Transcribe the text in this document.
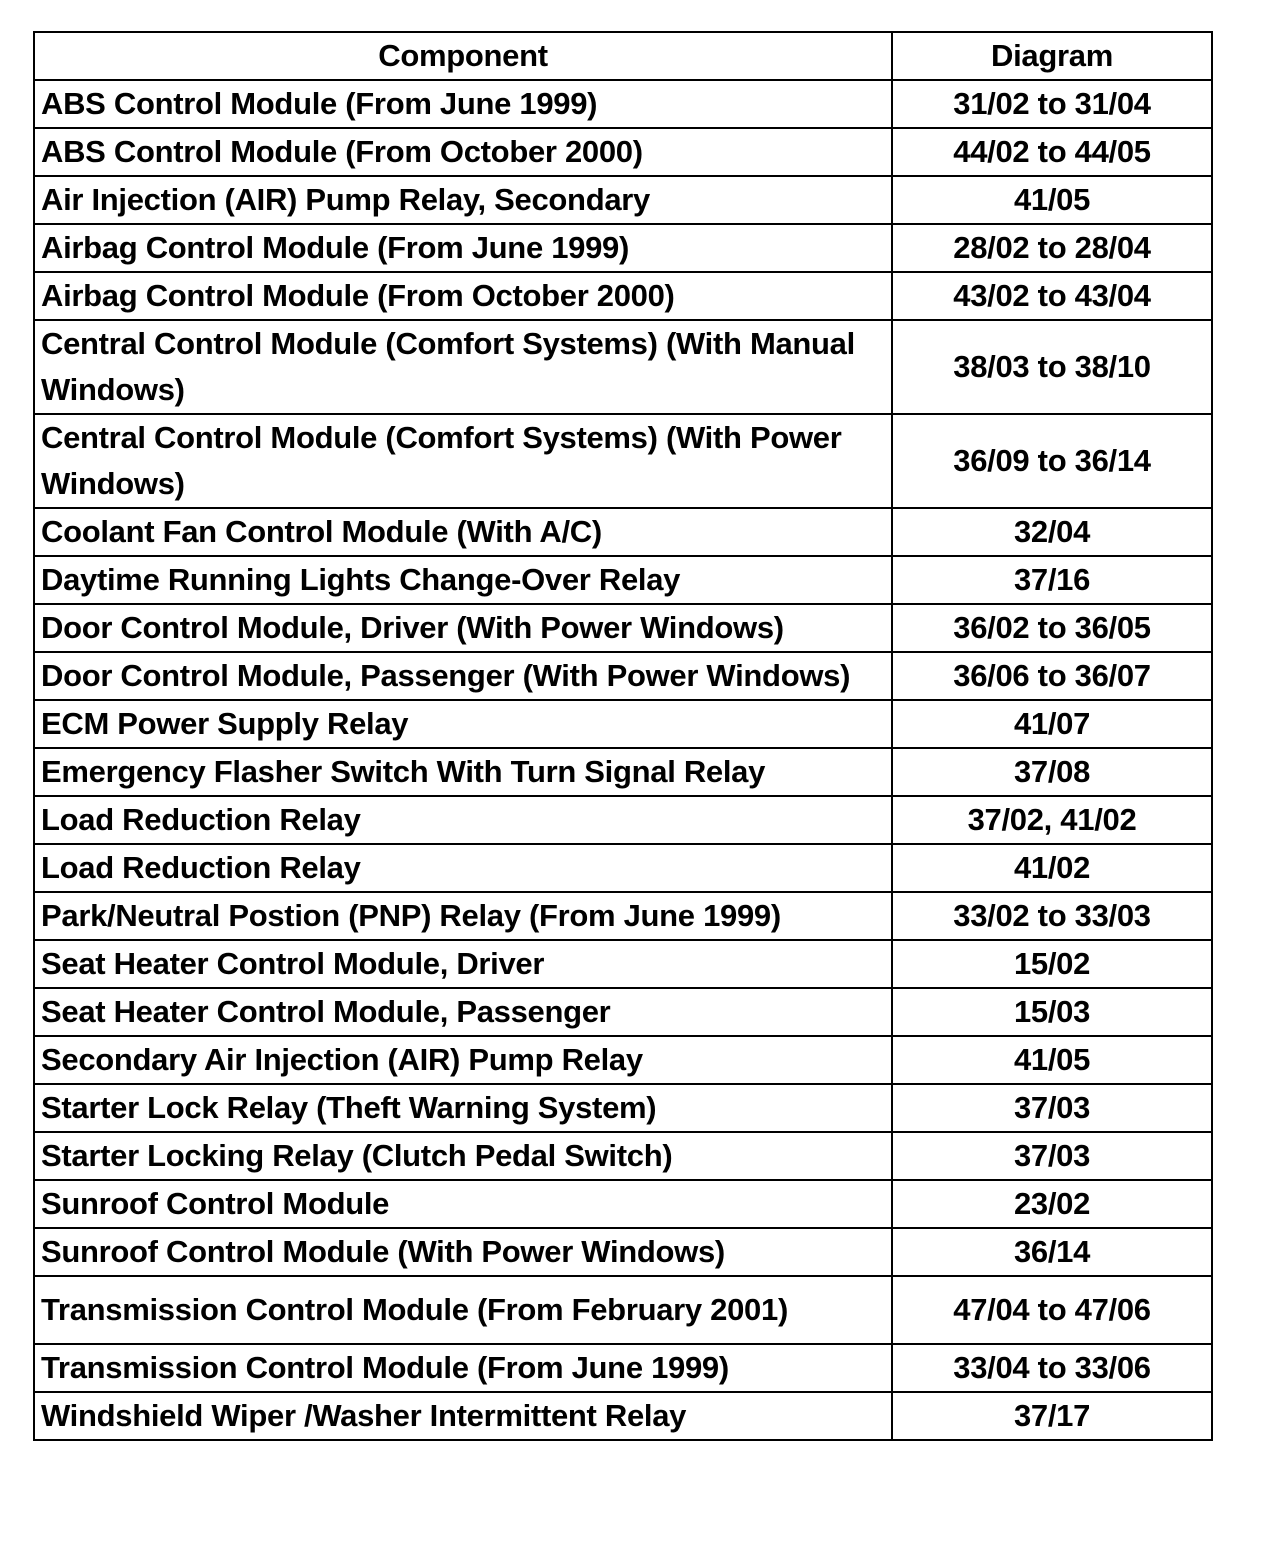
Component	Diagram
ABS Control Module (From June 1999)	31/02 to 31/04
ABS Control Module (From October 2000)	44/02 to 44/05
Air Injection (AIR) Pump Relay, Secondary	41/05
Airbag Control Module (From June 1999)	28/02 to 28/04
Airbag Control Module (From October 2000)	43/02 to 43/04
Central Control Module (Comfort Systems) (With Manual Windows)	38/03 to 38/10
Central Control Module (Comfort Systems) (With Power Windows)	36/09 to 36/14
Coolant Fan Control Module (With A/C)	32/04
Daytime Running Lights Change-Over Relay	37/16
Door Control Module, Driver (With Power Windows)	36/02 to 36/05
Door Control Module, Passenger (With Power Windows)	36/06 to 36/07
ECM Power Supply Relay	41/07
Emergency Flasher Switch With Turn Signal Relay	37/08
Load Reduction Relay	37/02, 41/02
Load Reduction Relay	41/02
Park/Neutral Postion (PNP) Relay (From June 1999)	33/02 to 33/03
Seat Heater Control Module, Driver	15/02
Seat Heater Control Module, Passenger	15/03
Secondary Air Injection (AIR) Pump Relay	41/05
Starter Lock Relay (Theft Warning System)	37/03
Starter Locking Relay (Clutch Pedal Switch)	37/03
Sunroof Control Module	23/02
Sunroof Control Module (With Power Windows)	36/14
Transmission Control Module (From February 2001)	47/04 to 47/06
Transmission Control Module (From June 1999)	33/04 to 33/06
Windshield Wiper /Washer Intermittent Relay	37/17
